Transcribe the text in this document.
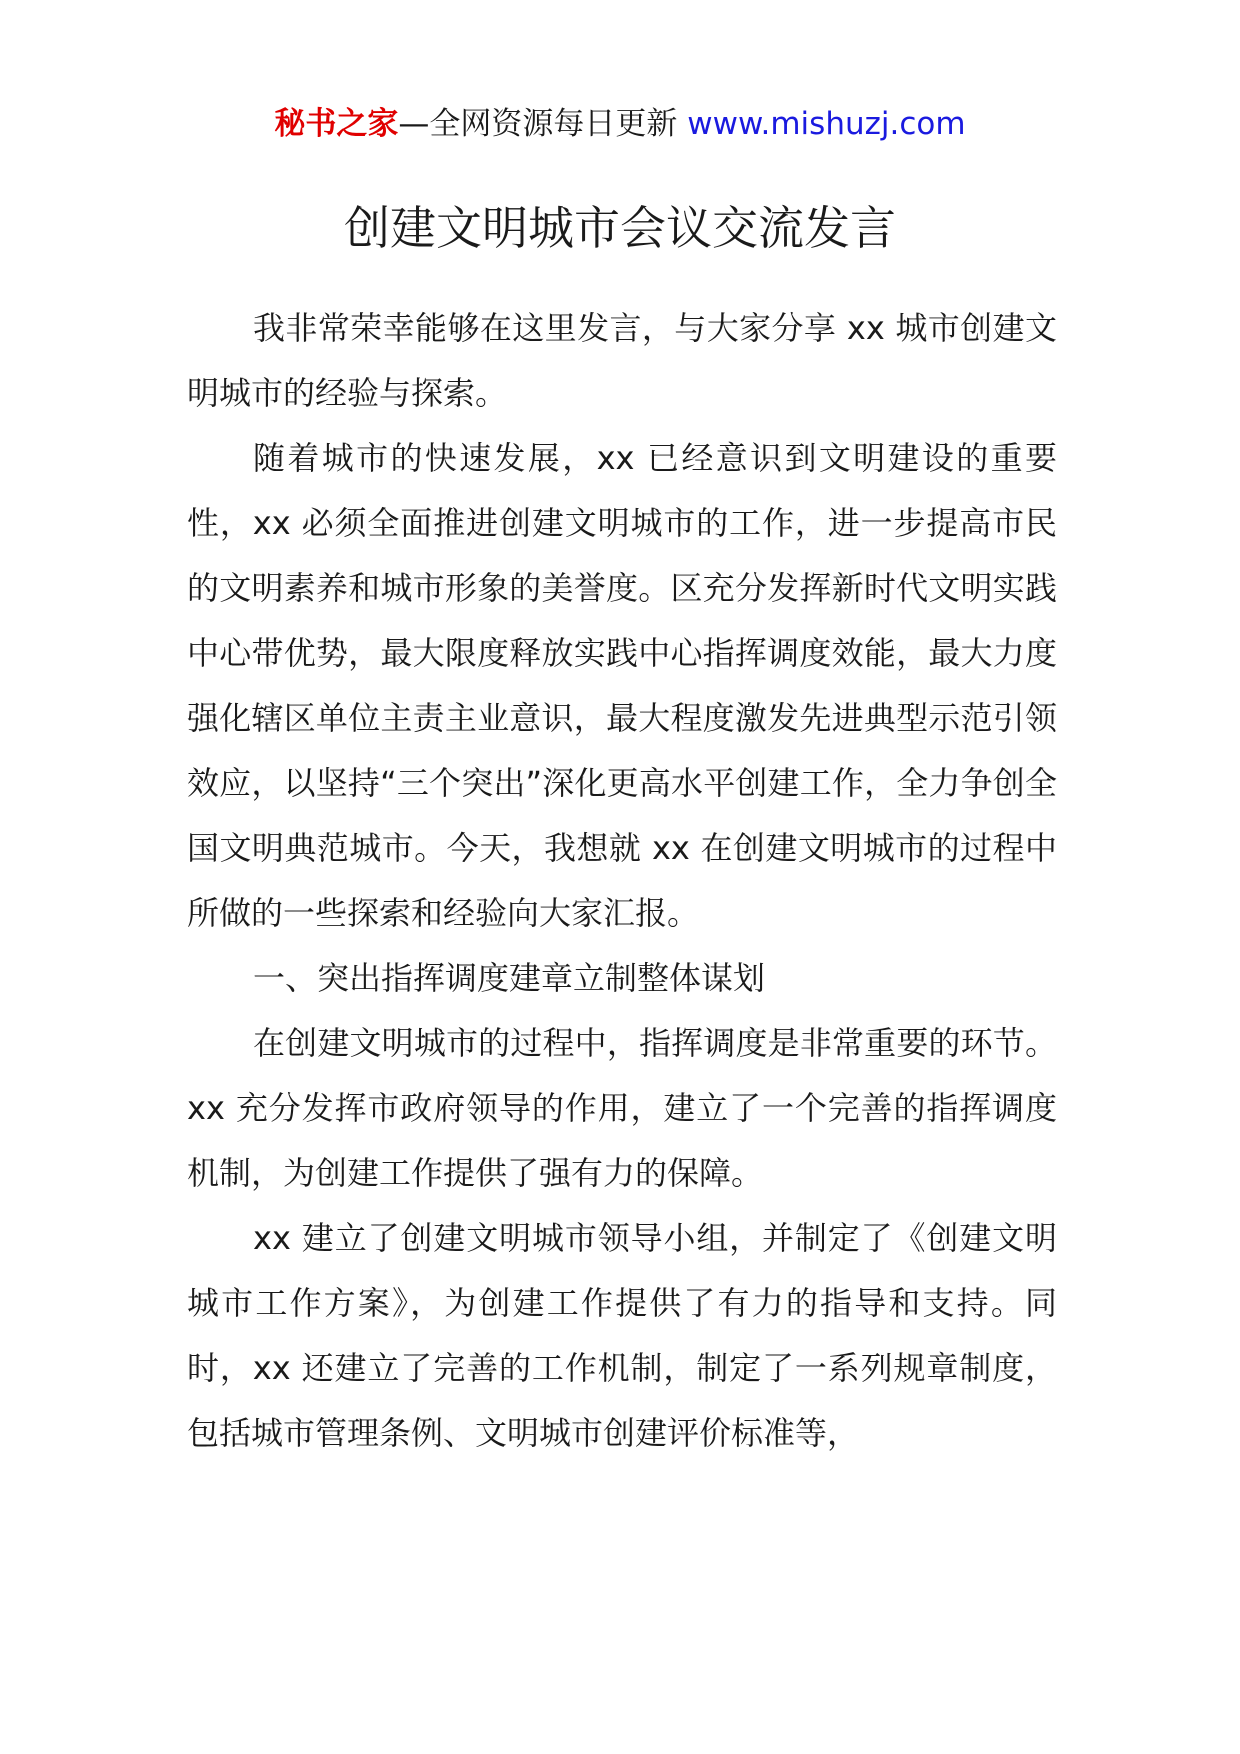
秘书之家—全网资源每日更新 www.mishuzj.com
创建文明城市会议交流发言

我非常荣幸能够在这里发言，与大家分享 xx 城市创建文明城市的经验与探索。

随着城市的快速发展，xx 已经意识到文明建设的重要性，xx 必须全面推进创建文明城市的工作，进一步提高市民的文明素养和城市形象的美誉度。区充分发挥新时代文明实践中心带优势，最大限度释放实践中心指挥调度效能，最大力度强化辖区单位主责主业意识，最大程度激发先进典型示范引领效应，以坚持“三个突出”深化更高水平创建工作，全力争创全国文明典范城市。今天，我想就 xx 在创建文明城市的过程中所做的一些探索和经验向大家汇报。

一、突出指挥调度建章立制整体谋划

在创建文明城市的过程中，指挥调度是非常重要的环节。xx 充分发挥市政府领导的作用，建立了一个完善的指挥调度机制，为创建工作提供了强有力的保障。

xx 建立了创建文明城市领导小组，并制定了《创建文明城市工作方案》，为创建工作提供了有力的指导和支持。同时，xx 还建立了完善的工作机制，制定了一系列规章制度，包括城市管理条例、文明城市创建评价标准等，
